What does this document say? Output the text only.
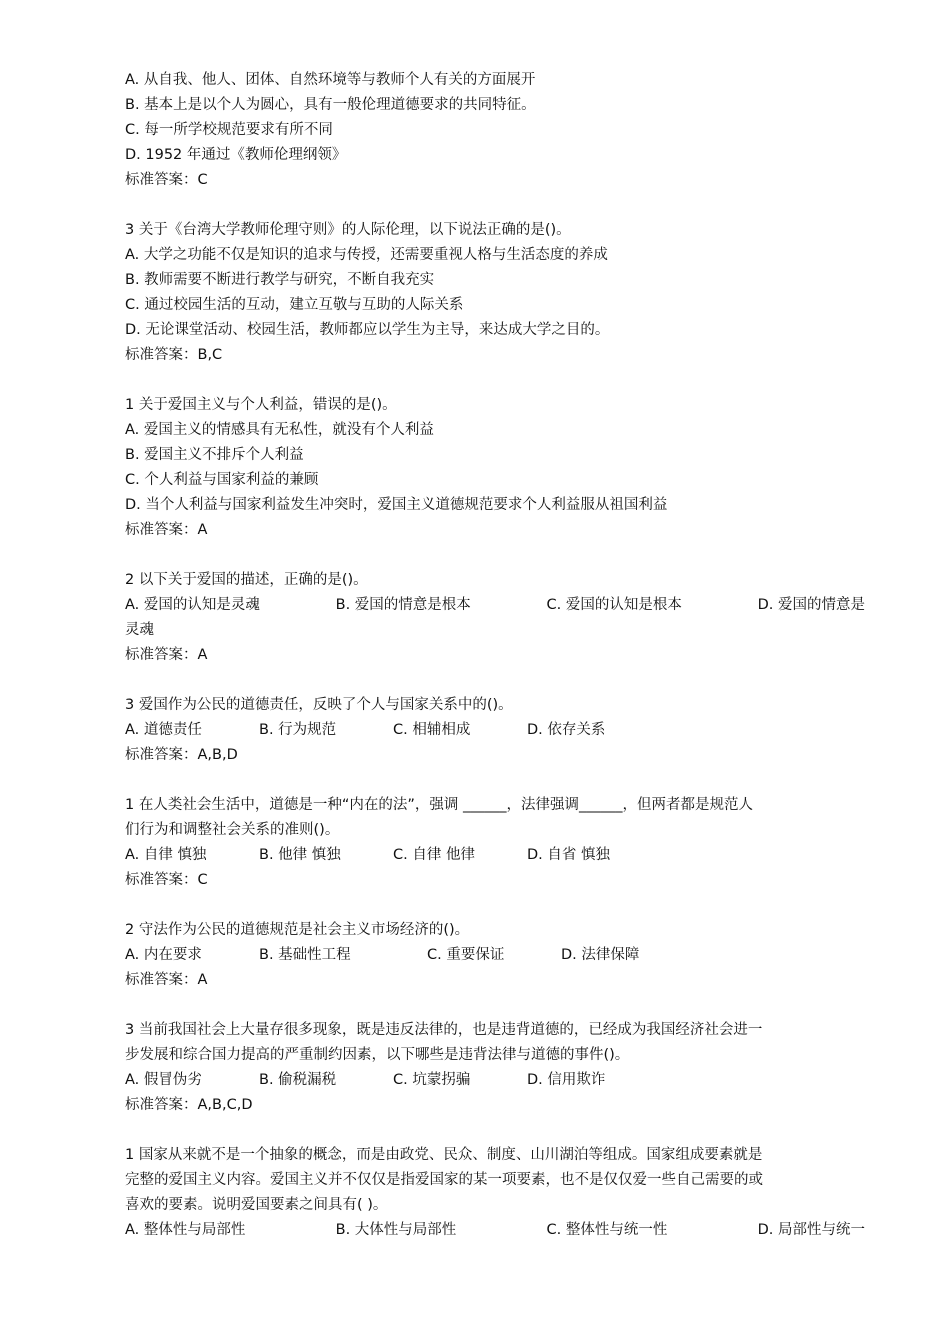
A. 从自我、他人、团体、自然环境等与教师个人有关的方面展开
B. 基本上是以个人为圆心，具有一般伦理道德要求的共同特征。
C. 每一所学校规范要求有所不同
D. 1952 年通过《教师伦理纲领》
标准答案：C
3 关于《台湾大学教师伦理守则》的人际伦理，以下说法正确的是()。
A. 大学之功能不仅是知识的追求与传授，还需要重视人格与生活态度的养成
B. 教师需要不断进行教学与研究，不断自我充实
C. 通过校园生活的互动，建立互敬与互助的人际关系
D. 无论课堂活动、校园生活，教师都应以学生为主导，来达成大学之目的。
标准答案：B,C
1 关于爱国主义与个人利益，错误的是()。
A. 爱国主义的情感具有无私性，就没有个人利益
B. 爱国主义不排斥个人利益
C. 个人利益与国家利益的兼顾
D. 当个人利益与国家利益发生冲突时，爱国主义道德规范要求个人利益服从祖国利益
标准答案：A
2 以下关于爱国的描述，正确的是()。
A. 爱国的认知是灵魂	B. 爱国的情意是根本	C. 爱国的认知是根本	D. 爱国的情意是
灵魂
标准答案：A
3 爱国作为公民的道德责任，反映了个人与国家关系中的()。
A. 道德责任	B. 行为规范	C. 相辅相成	D. 依存关系
标准答案：A,B,D
1 在人类社会生活中，道德是一种“内在的法”，强调 ______，法律强调______，但两者都是规范人
们行为和调整社会关系的准则()。
A. 自律 慎独	B. 他律 慎独	C. 自律 他律	D. 自省 慎独
标准答案：C
2 守法作为公民的道德规范是社会主义市场经济的()。
A. 内在要求	B. 基础性工程	C. 重要保证	D. 法律保障
标准答案：A
3 当前我国社会上大量存很多现象，既是违反法律的，也是违背道德的，已经成为我国经济社会进一
步发展和综合国力提高的严重制约因素，以下哪些是违背法律与道德的事件()。
A. 假冒伪劣	B. 偷税漏税	C. 坑蒙拐骗	D. 信用欺诈
标准答案：A,B,C,D
1 国家从来就不是一个抽象的概念，而是由政党、民众、制度、山川湖泊等组成。国家组成要素就是
完整的爱国主义内容。爱国主义并不仅仅是指爱国家的某一项要素，也不是仅仅爱一些自己需要的或
喜欢的要素。说明爱国要素之间具有( )。
A. 整体性与局部性	B. 大体性与局部性	C. 整体性与统一性	D. 局部性与统一
